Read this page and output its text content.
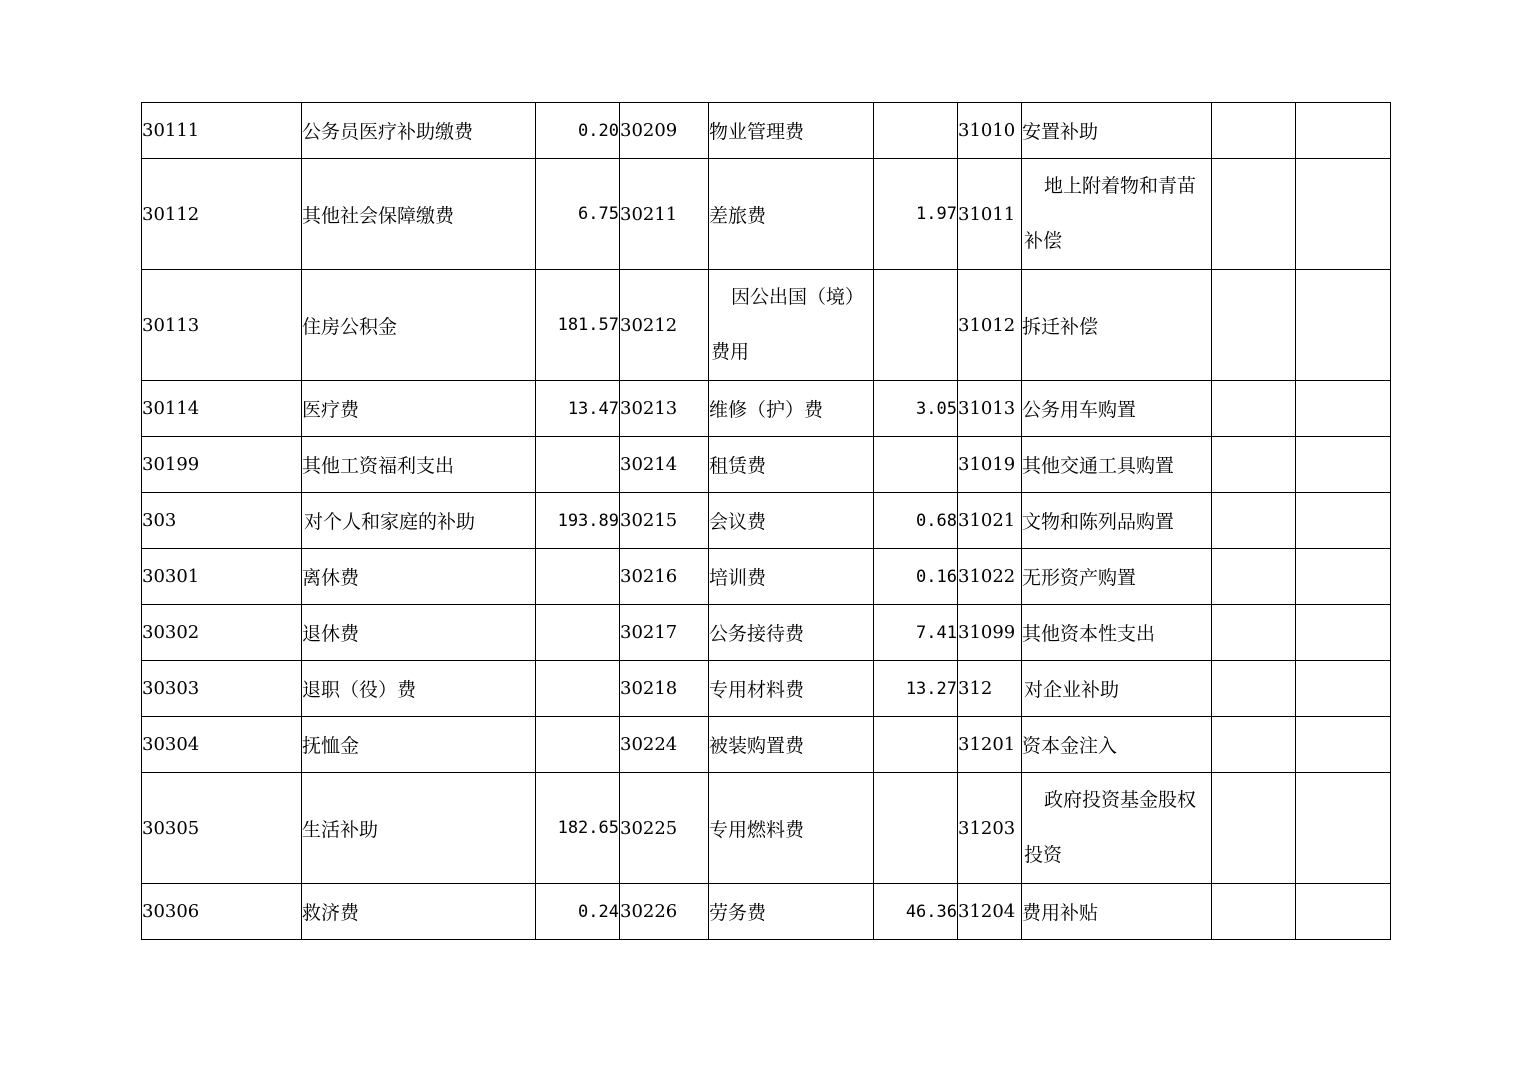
30111	公务员医疗补助缴费	0.20	30209	物业管理费		31010	安置补助		
30112	其他社会保障缴费	6.75	30211	差旅费	1.97	31011	地上附着物和青苗补偿		
30113	住房公积金	181.57	30212	因公出国（境）费用		31012	拆迁补偿		
30114	医疗费	13.47	30213	维修（护）费	3.05	31013	公务用车购置		
30199	其他工资福利支出		30214	租赁费		31019	其他交通工具购置		
303	对个人和家庭的补助	193.89	30215	会议费	0.68	31021	文物和陈列品购置		
30301	离休费		30216	培训费	0.16	31022	无形资产购置		
30302	退休费		30217	公务接待费	7.41	31099	其他资本性支出		
30303	退职（役）费		30218	专用材料费	13.27	312	对企业补助		
30304	抚恤金		30224	被装购置费		31201	资本金注入		
30305	生活补助	182.65	30225	专用燃料费		31203	政府投资基金股权投资		
30306	救济费	0.24	30226	劳务费	46.36	31204	费用补贴		
